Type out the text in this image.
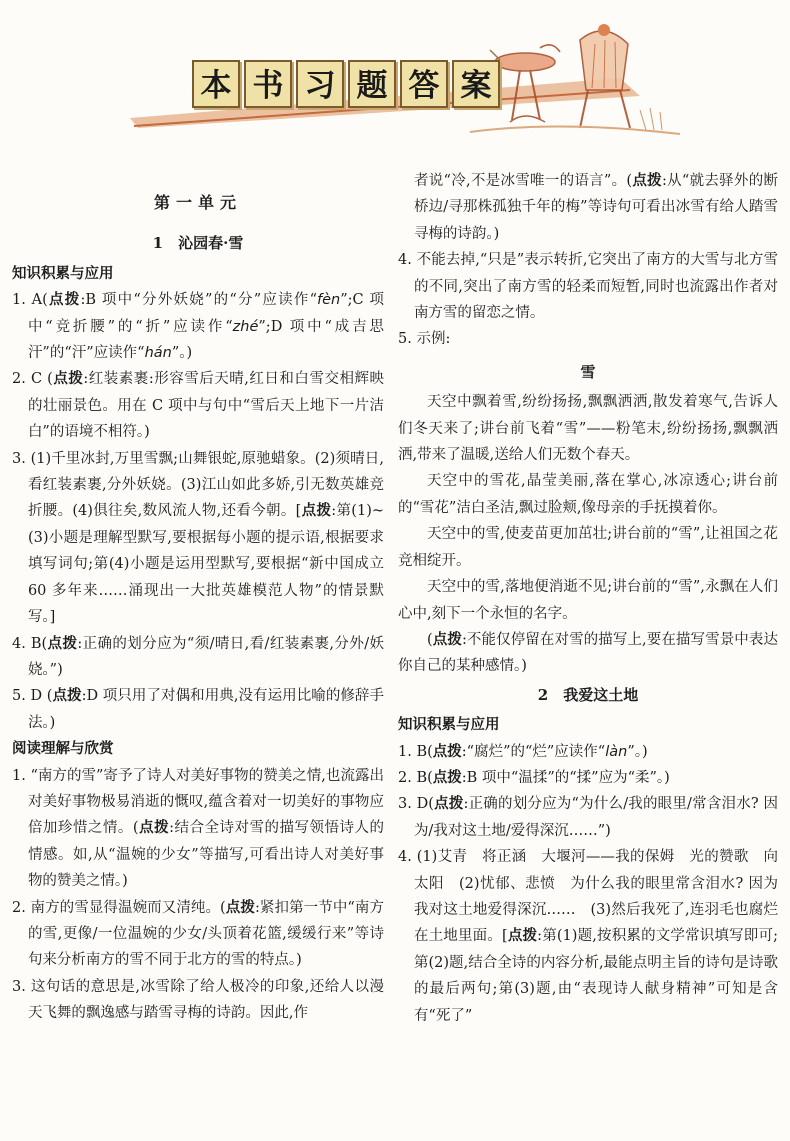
本 书 习 题 答 案
第一单元
1　沁园春·雪
知识积累与应用

1. A(点拨:B 项中“分外妖娆”的“分”应读作“fèn”;C 项中“竞折腰”的“折”应读作“zhé”;D 项中“成吉思汗”的“汗”应读作“hán”。)

2. C (点拨:红装素裹:形容雪后天晴,红日和白雪交相辉映的壮丽景色。用在 C 项中与句中“雪后天上地下一片洁白”的语境不相符。)

3. (1)千里冰封,万里雪飘;山舞银蛇,原驰蜡象。(2)须晴日,看红装素裹,分外妖娆。(3)江山如此多娇,引无数英雄竞折腰。(4)俱往矣,数风流人物,还看今朝。[点拨:第(1)~(3)小题是理解型默写,要根据每小题的提示语,根据要求填写词句;第(4)小题是运用型默写,要根据“新中国成立 60 多年来……涌现出一大批英雄模范人物”的情景默写。]

4. B(点拨:正确的划分应为“须/晴日,看/红装素裹,分外/妖娆。”)

5. D (点拨:D 项只用了对偶和用典,没有运用比喻的修辞手法。)

阅读理解与欣赏

1. “南方的雪”寄予了诗人对美好事物的赞美之情,也流露出对美好事物极易消逝的慨叹,蕴含着对一切美好的事物应倍加珍惜之情。(点拨:结合全诗对雪的描写领悟诗人的情感。如,从“温婉的少女”等描写,可看出诗人对美好事物的赞美之情。)

2. 南方的雪显得温婉而又清纯。(点拨:紧扣第一节中“南方的雪,更像/一位温婉的少女/头顶着花篮,缓缓行来”等诗句来分析南方的雪不同于北方的雪的特点。)

3. 这句话的意思是,冰雪除了给人极冷的印象,还给人以漫天飞舞的飘逸感与踏雪寻梅的诗韵。因此,作

者说“冷,不是冰雪唯一的语言”。(点拨:从“就去驿外的断桥边/寻那株孤独千年的梅”等诗句可看出冰雪有给人踏雪寻梅的诗韵。)

4. 不能去掉,“只是”表示转折,它突出了南方的大雪与北方雪的不同,突出了南方雪的轻柔而短暂,同时也流露出作者对南方雪的留恋之情。

5. 示例:

雪

天空中飘着雪,纷纷扬扬,飘飘洒洒,散发着寒气,告诉人们冬天来了;讲台前飞着“雪”——粉笔末,纷纷扬扬,飘飘洒洒,带来了温暖,送给人们无数个春天。

天空中的雪花,晶莹美丽,落在掌心,冰凉透心;讲台前的“雪花”洁白圣洁,飘过脸颊,像母亲的手抚摸着你。

天空中的雪,使麦苗更加茁壮;讲台前的“雪”,让祖国之花竞相绽开。

天空中的雪,落地便消逝不见;讲台前的“雪”,永飘在人们心中,刻下一个永恒的名字。

(点拨:不能仅停留在对雪的描写上,要在描写雪景中表达你自己的某种感情。)

2　我爱这土地
知识积累与应用

1. B(点拨:“腐烂”的“烂”应读作“làn”。)

2. B(点拨:B 项中“温揉”的“揉”应为“柔”。)

3. D(点拨:正确的划分应为“为什么/我的眼里/常含泪水? 因为/我对这土地/爱得深沉……”)

4. (1)艾青　将正涵　大堰河——我的保姆　光的赞歌　向太阳　(2)忧郁、悲愤　为什么我的眼里常含泪水? 因为我对这土地爱得深沉……　(3)然后我死了,连羽毛也腐烂在土地里面。[点拨:第(1)题,按积累的文学常识填写即可;第(2)题,结合全诗的内容分析,最能点明主旨的诗句是诗歌的最后两句;第(3)题,由“表现诗人献身精神”可知是含有“死了”
